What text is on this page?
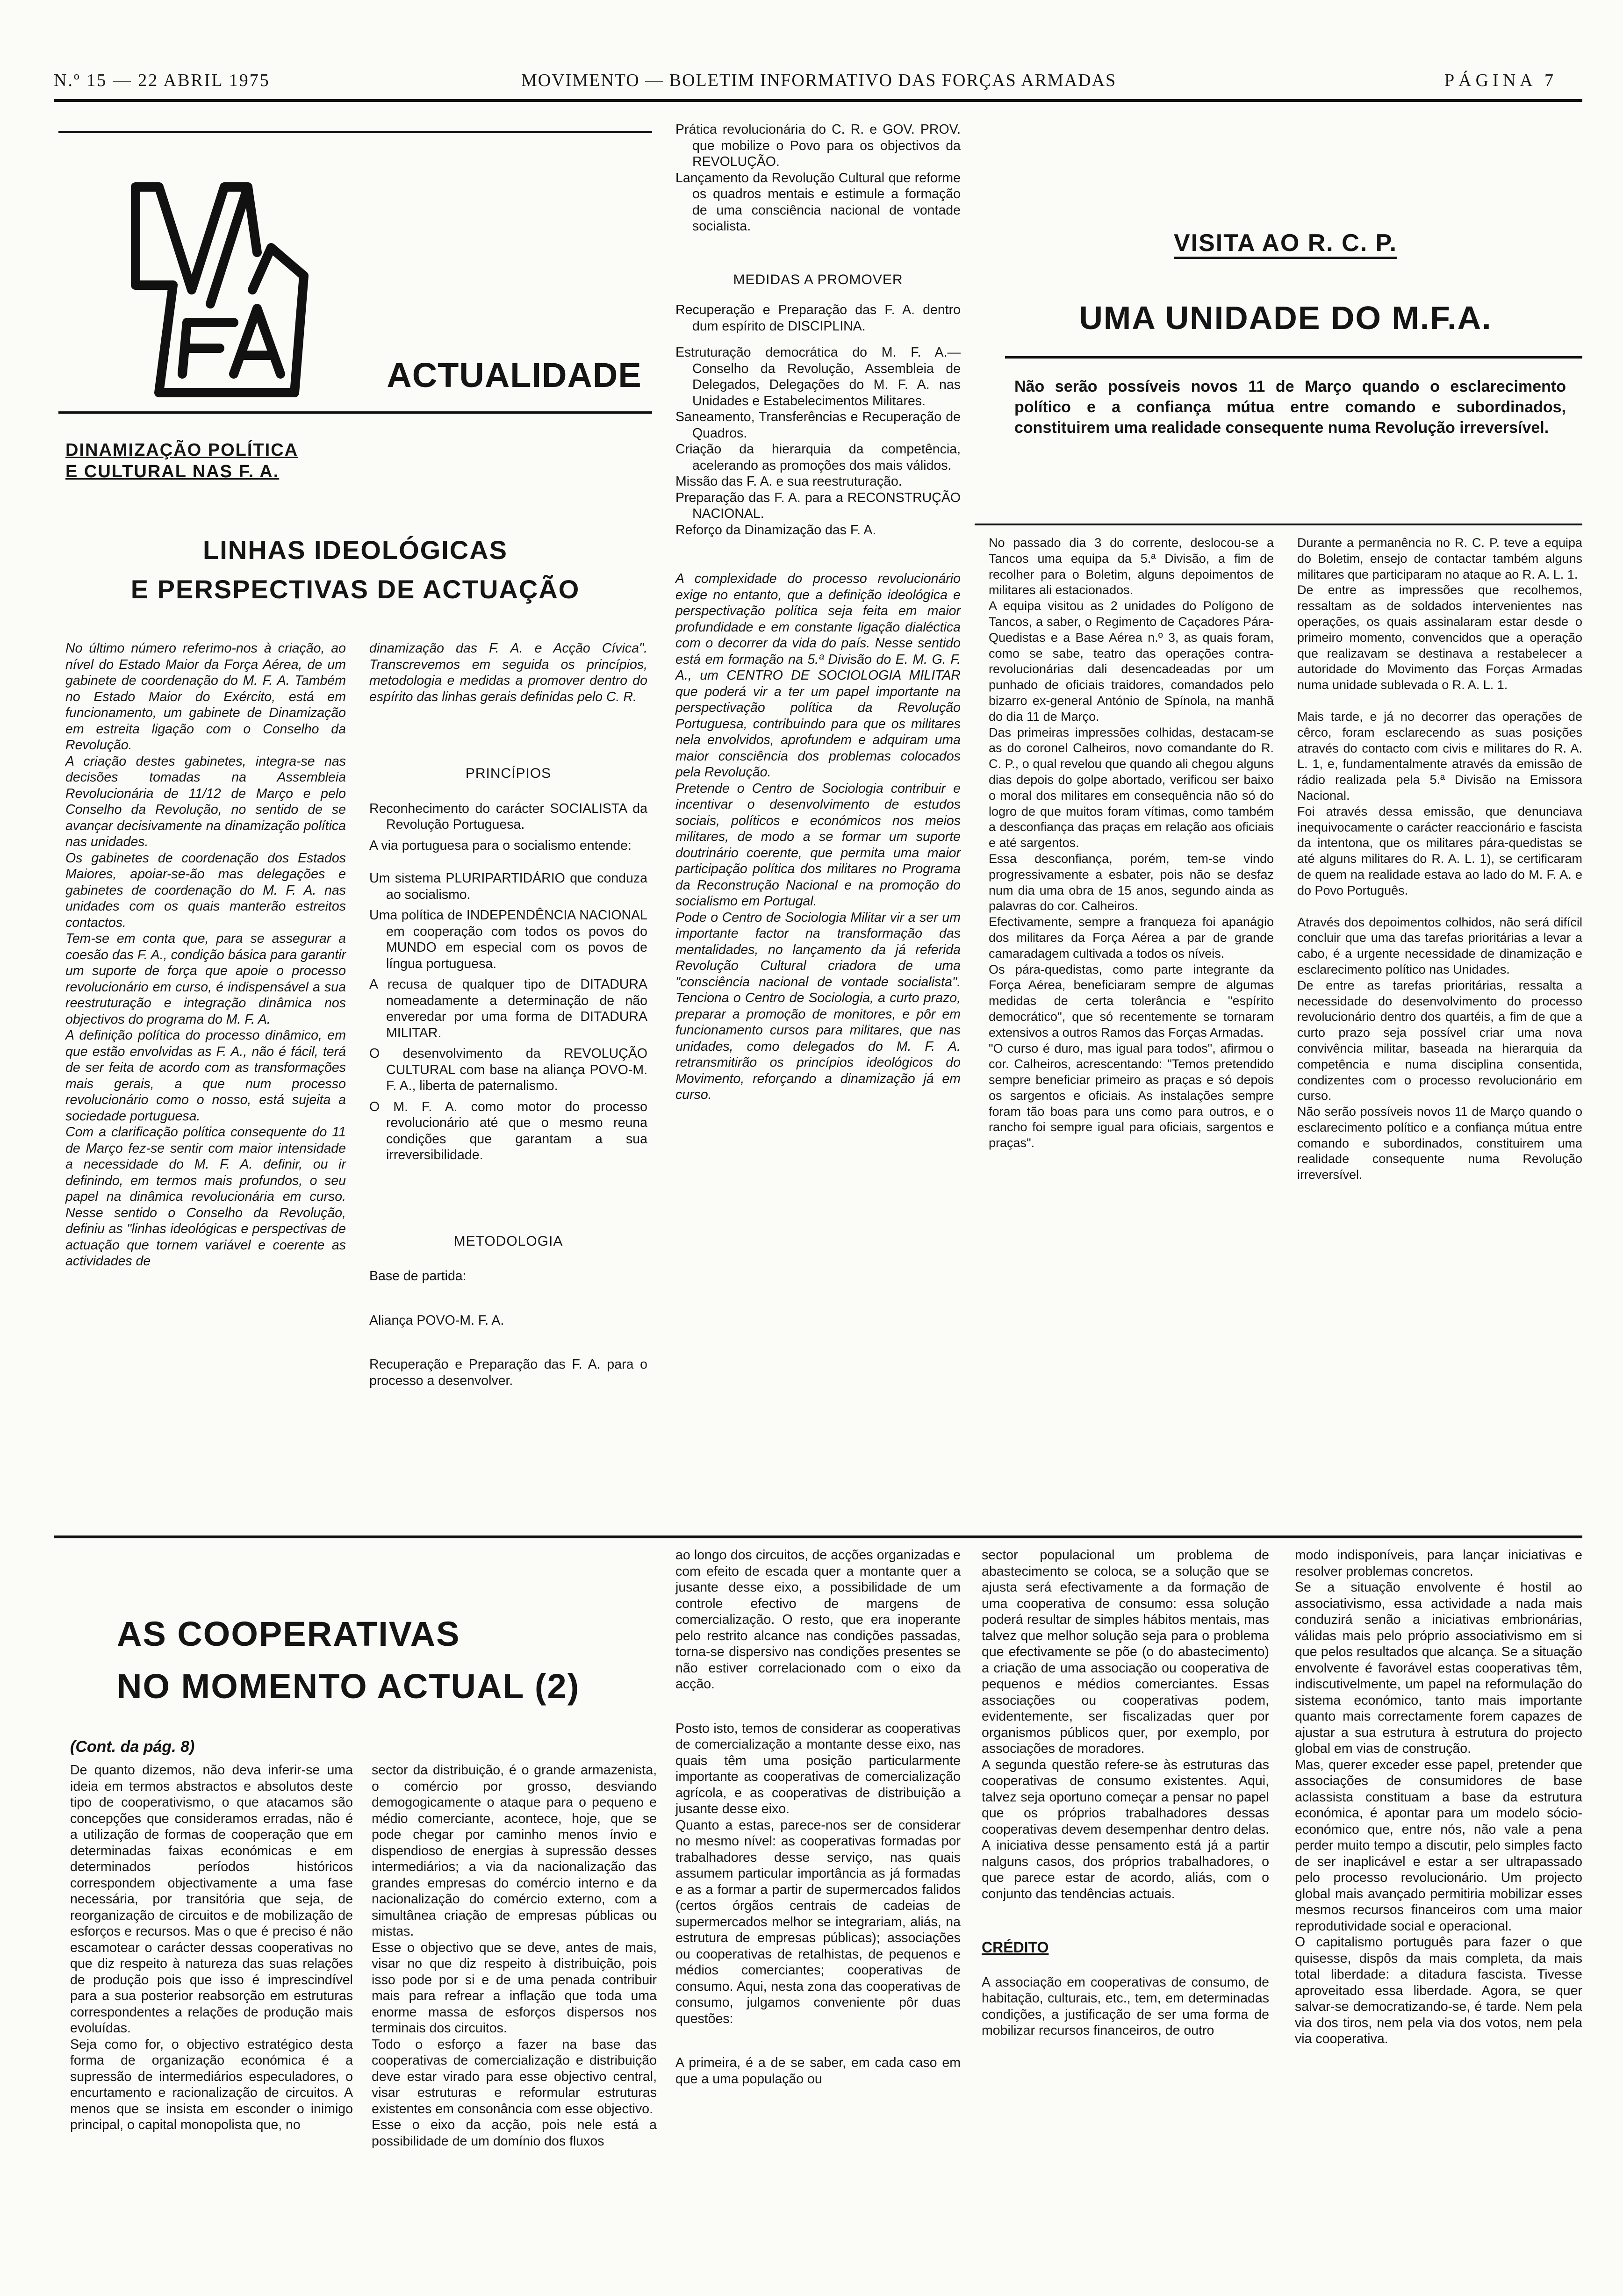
N.º 15 — 22 ABRIL 1975	MOVIMENTO — BOLETIM INFORMATIVO DAS FORÇAS ARMADAS	PÁGINA 7
ACTUALIDADE
DINAMIZAÇÃO POLÍTICA
E CULTURAL NAS F. A.
LINHAS IDEOLÓGICAS
E PERSPECTIVAS DE ACTUAÇÃO

No último número referimo-nos à criação, ao nível do Estado Maior da Força Aérea, de um gabinete de coordenação do M. F. A. Também no Estado Maior do Exército, está em funcionamento, um gabinete de Dinamização em estreita ligação com o Conselho da Revolução.

A criação destes gabinetes, integra-se nas decisões tomadas na Assembleia Revolucionária de 11/12 de Março e pelo Conselho da Revolução, no sentido de se avançar decisivamente na dinamização política nas unidades.

Os gabinetes de coordenação dos Estados Maiores, apoiar-se-ão mas delegações e gabinetes de coordenação do M. F. A. nas unidades com os quais manterão estreitos contactos.

Tem-se em conta que, para se assegurar a coesão das F. A., condição básica para garantir um suporte de força que apoie o processo revolucionário em curso, é indispensável a sua reestruturação e integração dinâmica nos objectivos do programa do M. F. A.

A definição política do processo dinâmico, em que estão envolvidas as F. A., não é fácil, terá de ser feita de acordo com as transformações mais gerais, a que num processo revolucionário como o nosso, está sujeita a sociedade portuguesa.

Com a clarificação política consequente do 11 de Março fez-se sentir com maior intensidade a necessidade do M. F. A. definir, ou ir definindo, em termos mais profundos, o seu papel na dinâmica revolucionária em curso. Nesse sentido o Conselho da Revolução, definiu as "linhas ideológicas e perspectivas de actuação que tornem variável e coerente as actividades de

dinamização das F. A. e Acção Cívica". Transcrevemos em seguida os princípios, metodologia e medidas a promover dentro do espírito das linhas gerais definidas pelo C. R.

PRINCÍPIOS

Reconhecimento do carácter SOCIALISTA da Revolução Portuguesa.

A via portuguesa para o socialismo entende:

Um sistema PLURIPARTIDÁRIO que conduza ao socialismo.

Uma política de INDEPENDÊNCIA NACIONAL em cooperação com todos os povos do MUNDO em especial com os povos de língua portuguesa.

A recusa de qualquer tipo de DITADURA nomeadamente a determinação de não enveredar por uma forma de DITADURA MILITAR.

O desenvolvimento da REVOLUÇÃO CULTURAL com base na aliança POVO-M. F. A., liberta de paternalismo.

O M. F. A. como motor do processo revolucionário até que o mesmo reuna condições que garantam a sua irreversibilidade.

METODOLOGIA

Base de partida:

Aliança POVO-M. F. A.

Recuperação e Preparação das F. A. para o processo a desenvolver.

Prática revolucionária do C. R. e GOV. PROV. que mobilize o Povo para os objectivos da REVOLUÇÃO.

Lançamento da Revolução Cultural que reforme os quadros mentais e estimule a formação de uma consciência nacional de vontade socialista.

MEDIDAS A PROMOVER

Recuperação e Preparação das F. A. dentro dum espírito de DISCIPLINA.

Estruturação democrática do M. F. A.— Conselho da Revolução, Assembleia de Delegados, Delegações do M. F. A. nas Unidades e Estabelecimentos Militares.

Saneamento, Transferências e Recuperação de Quadros.

Criação da hierarquia da competência, acelerando as promoções dos mais válidos.

Missão das F. A. e sua reestruturação.

Preparação das F. A. para a RECONSTRUÇÃO NACIONAL.

Reforço da Dinamização das F. A.

A complexidade do processo revolucionário exige no entanto, que a definição ideológica e perspectivação política seja feita em maior profundidade e em constante ligação dialéctica com o decorrer da vida do país. Nesse sentido está em formação na 5.ª Divisão do E. M. G. F. A., um CENTRO DE SOCIOLOGIA MILITAR que poderá vir a ter um papel importante na perspectivação política da Revolução Portuguesa, contribuindo para que os militares nela envolvidos, aprofundem e adquiram uma maior consciência dos problemas colocados pela Revolução.

Pretende o Centro de Sociologia contribuir e incentivar o desenvolvimento de estudos sociais, políticos e económicos nos meios militares, de modo a se formar um suporte doutrinário coerente, que permita uma maior participação política dos militares no Programa da Reconstrução Nacional e na promoção do socialismo em Portugal.

Pode o Centro de Sociologia Militar vir a ser um importante factor na transformação das mentalidades, no lançamento da já referida Revolução Cultural criadora de uma "consciência nacional de vontade socialista". Tenciona o Centro de Sociologia, a curto prazo, preparar a promoção de monitores, e pôr em funcionamento cursos para militares, que nas unidades, como delegados do M. F. A. retransmitirão os princípios ideológicos do Movimento, reforçando a dinamização já em curso.

VISITA AO R. C. P.
UMA UNIDADE DO M.F.A.
Não serão possíveis novos 11 de Março quando o esclarecimento político e a confiança mútua entre comando e subordinados, constituirem uma realidade consequente numa Revolução irreversível.

No passado dia 3 do corrente, deslocou-se a Tancos uma equipa da 5.ª Divisão, a fim de recolher para o Boletim, alguns depoimentos de militares ali estacionados.

A equipa visitou as 2 unidades do Polígono de Tancos, a saber, o Regimento de Caçadores Pára-Quedistas e a Base Aérea n.º 3, as quais foram, como se sabe, teatro das operações contra-revolucionárias dali desencadeadas por um punhado de oficiais traidores, comandados pelo bizarro ex-general António de Spínola, na manhã do dia 11 de Março.

Das primeiras impressões colhidas, destacam-se as do coronel Calheiros, novo comandante do R. C. P., o qual revelou que quando ali chegou alguns dias depois do golpe abortado, verificou ser baixo o moral dos militares em consequência não só do logro de que muitos foram vítimas, como também a desconfiança das praças em relação aos oficiais e até sargentos.

Essa desconfiança, porém, tem-se vindo progressivamente a esbater, pois não se desfaz num dia uma obra de 15 anos, segundo ainda as palavras do cor. Calheiros.

Efectivamente, sempre a franqueza foi apanágio dos militares da Força Aérea a par de grande camaradagem cultivada a todos os níveis.

Os pára-quedistas, como parte integrante da Força Aérea, beneficiaram sempre de algumas medidas de certa tolerância e "espírito democrático", que só recentemente se tornaram extensivos a outros Ramos das Forças Armadas.

"O curso é duro, mas igual para todos", afirmou o cor. Calheiros, acrescentando: "Temos pretendido sempre beneficiar primeiro as praças e só depois os sargentos e oficiais. As instalações sempre foram tão boas para uns como para outros, e o rancho foi sempre igual para oficiais, sargentos e praças".

Durante a permanência no R. C. P. teve a equipa do Boletim, ensejo de contactar também alguns militares que participaram no ataque ao R. A. L. 1.

De entre as impressões que recolhemos, ressaltam as de soldados intervenientes nas operações, os quais assinalaram estar desde o primeiro momento, convencidos que a operação que realizavam se destinava a restabelecer a autoridade do Movimento das Forças Armadas numa unidade sublevada o R. A. L. 1.

Mais tarde, e já no decorrer das operações de cêrco, foram esclarecendo as suas posições através do contacto com civis e militares do R. A. L. 1, e, fundamentalmente através da emissão de rádio realizada pela 5.ª Divisão na Emissora Nacional.

Foi através dessa emissão, que denunciava inequivocamente o carácter reaccionário e fascista da intentona, que os militares pára-quedistas se até alguns militares do R. A. L. 1), se certificaram de quem na realidade estava ao lado do M. F. A. e do Povo Português.

Através dos depoimentos colhidos, não será difícil concluir que uma das tarefas prioritárias a levar a cabo, é a urgente necessidade de dinamização e esclarecimento político nas Unidades.

De entre as tarefas prioritárias, ressalta a necessidade do desenvolvimento do processo revolucionário dentro dos quartéis, a fim de que a curto prazo seja possível criar uma nova convivência militar, baseada na hierarquia da competência e numa disciplina consentida, condizentes com o processo revolucionário em curso.

Não serão possíveis novos 11 de Março quando o esclarecimento político e a confiança mútua entre comando e subordinados, constituirem uma realidade consequente numa Revolução irreversível.

AS COOPERATIVAS
NO MOMENTO ACTUAL (2)
(Cont. da pág. 8)

De quanto dizemos, não deva inferir-se uma ideia em termos abstractos e absolutos deste tipo de cooperativismo, o que atacamos são concepções que consideramos erradas, não é a utilização de formas de cooperação que em determinadas faixas económicas e em determinados períodos históricos correspondem objectivamente a uma fase necessária, por transitória que seja, de reorganização de circuitos e de mobilização de esforços e recursos. Mas o que é preciso é não escamotear o carácter dessas cooperativas no que diz respeito à natureza das suas relações de produção pois que isso é imprescindível para a sua posterior reabsorção em estruturas correspondentes a relações de produção mais evoluídas.

Seja como for, o objectivo estratégico desta forma de organização económica é a supressão de intermediários especuladores, o encurtamento e racionalização de circuitos. A menos que se insista em esconder o inimigo principal, o capital monopolista que, no

sector da distribuição, é o grande armazenista, o comércio por grosso, desviando demogogicamente o ataque para o pequeno e médio comerciante, acontece, hoje, que se pode chegar por caminho menos ínvio e dispendioso de energias à supressão desses intermediários; a via da nacionalização das grandes empresas do comércio interno e da nacionalização do comércio externo, com a simultânea criação de empresas públicas ou mistas.

Esse o objectivo que se deve, antes de mais, visar no que diz respeito à distribuição, pois isso pode por si e de uma penada contribuir mais para refrear a inflação que toda uma enorme massa de esforços dispersos nos terminais dos circuitos.

Todo o esforço a fazer na base das cooperativas de comercialização e distribuição deve estar virado para esse objectivo central, visar estruturas e reformular estruturas existentes em consonância com esse objectivo.

Esse o eixo da acção, pois nele está a possibilidade de um domínio dos fluxos

ao longo dos circuitos, de acções organizadas e com efeito de escada quer a montante quer a jusante desse eixo, a possibilidade de um controle efectivo de margens de comercialização. O resto, que era inoperante pelo restrito alcance nas condições passadas, torna-se dispersivo nas condições presentes se não estiver correlacionado com o eixo da acção.

Posto isto, temos de considerar as cooperativas de comercialização a montante desse eixo, nas quais têm uma posição particularmente importante as cooperativas de comercialização agrícola, e as cooperativas de distribuição a jusante desse eixo.

Quanto a estas, parece-nos ser de considerar no mesmo nível: as cooperativas formadas por trabalhadores desse serviço, nas quais assumem particular importância as já formadas e as a formar a partir de supermercados falidos (certos órgãos centrais de cadeias de supermercados melhor se integrariam, aliás, na estrutura de empresas públicas); associações ou cooperativas de retalhistas, de pequenos e médios comerciantes; cooperativas de consumo. Aqui, nesta zona das cooperativas de consumo, julgamos conveniente pôr duas questões:

A primeira, é a de se saber, em cada caso em que a uma população ou

sector populacional um problema de abastecimento se coloca, se a solução que se ajusta será efectivamente a da formação de uma cooperativa de consumo: essa solução poderá resultar de simples hábitos mentais, mas talvez que melhor solução seja para o problema que efectivamente se põe (o do abastecimento) a criação de uma associação ou cooperativa de pequenos e médios comerciantes. Essas associações ou cooperativas podem, evidentemente, ser fiscalizadas quer por organismos públicos quer, por exemplo, por associações de moradores.

A segunda questão refere-se às estruturas das cooperativas de consumo existentes. Aqui, talvez seja oportuno começar a pensar no papel que os próprios trabalhadores dessas cooperativas devem desempenhar dentro delas. A iniciativa desse pensamento está já a partir nalguns casos, dos próprios trabalhadores, o que parece estar de acordo, aliás, com o conjunto das tendências actuais.

CRÉDITO

A associação em cooperativas de consumo, de habitação, culturais, etc., tem, em determinadas condições, a justificação de ser uma forma de mobilizar recursos financeiros, de outro

modo indisponíveis, para lançar iniciativas e resolver problemas concretos.

Se a situação envolvente é hostil ao associativismo, essa actividade a nada mais conduzirá senão a iniciativas embrionárias, válidas mais pelo próprio associativismo em si que pelos resultados que alcança. Se a situação envolvente é favorável estas cooperativas têm, indiscutivelmente, um papel na reformulação do sistema económico, tanto mais importante quanto mais correctamente forem capazes de ajustar a sua estrutura à estrutura do projecto global em vias de construção.

Mas, querer exceder esse papel, pretender que associações de consumidores de base aclassista constituam a base da estrutura económica, é apontar para um modelo sócio-económico que, entre nós, não vale a pena perder muito tempo a discutir, pelo simples facto de ser inaplicável e estar a ser ultrapassado pelo processo revolucionário. Um projecto global mais avançado permitiria mobilizar esses mesmos recursos financeiros com uma maior reprodutividade social e operacional.

O capitalismo português para fazer o que quisesse, dispôs da mais completa, da mais total liberdade: a ditadura fascista. Tivesse aproveitado essa liberdade. Agora, se quer salvar-se democratizando-se, é tarde. Nem pela via dos tiros, nem pela via dos votos, nem pela via cooperativa.
